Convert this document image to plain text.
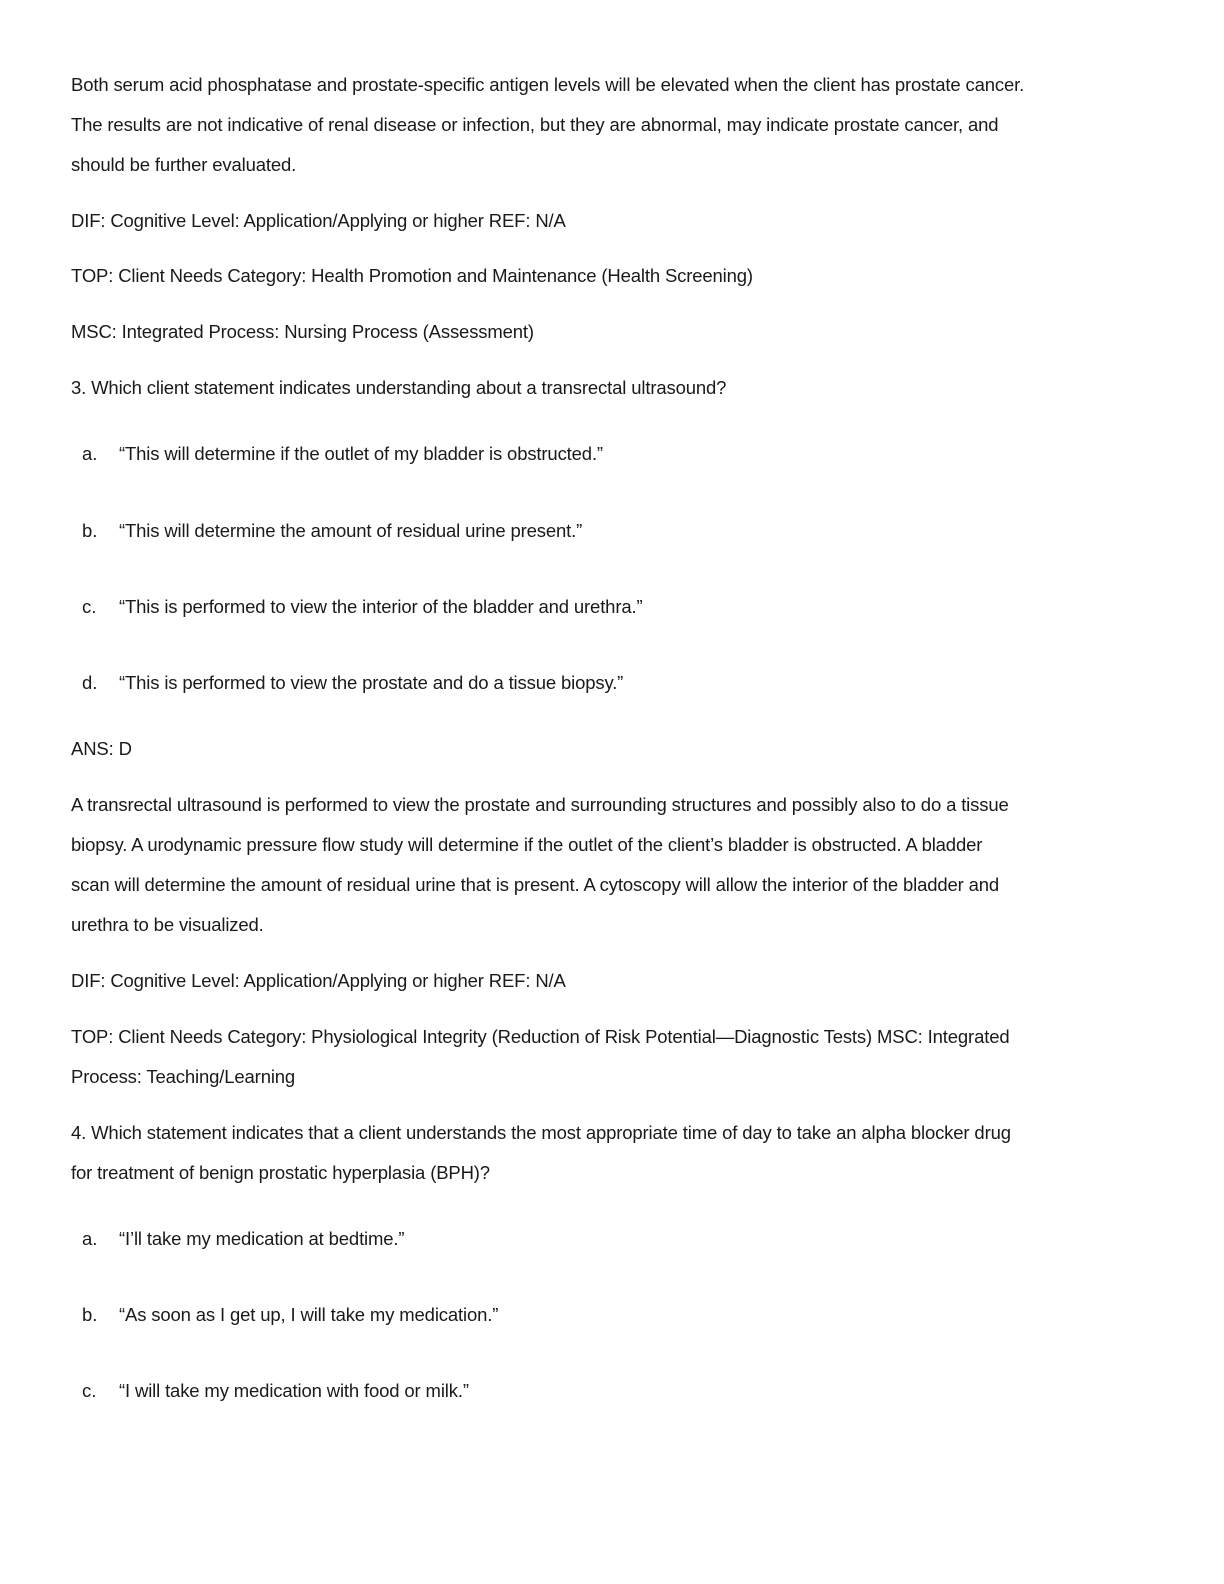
Both serum acid phosphatase and prostate-specific antigen levels will be elevated when the client has prostate cancer.
The results are not indicative of renal disease or infection, but they are abnormal, may indicate prostate cancer, and
should be further evaluated.
DIF: Cognitive Level: Application/Applying or higher REF: N/A
TOP: Client Needs Category: Health Promotion and Maintenance (Health Screening)
MSC: Integrated Process: Nursing Process (Assessment)
3. Which client statement indicates understanding about a transrectal ultrasound?
a. “This will determine if the outlet of my bladder is obstructed.”
b. “This will determine the amount of residual urine present.”
c. “This is performed to view the interior of the bladder and urethra.”
d. “This is performed to view the prostate and do a tissue biopsy.”
ANS: D
A transrectal ultrasound is performed to view the prostate and surrounding structures and possibly also to do a tissue
biopsy. A urodynamic pressure flow study will determine if the outlet of the client’s bladder is obstructed. A bladder
scan will determine the amount of residual urine that is present. A cytoscopy will allow the interior of the bladder and
urethra to be visualized.
DIF: Cognitive Level: Application/Applying or higher REF: N/A
TOP: Client Needs Category: Physiological Integrity (Reduction of Risk Potential—Diagnostic Tests) MSC: Integrated
Process: Teaching/Learning
4. Which statement indicates that a client understands the most appropriate time of day to take an alpha blocker drug
for treatment of benign prostatic hyperplasia (BPH)?
a. “I’ll take my medication at bedtime.”
b. “As soon as I get up, I will take my medication.”
c. “I will take my medication with food or milk.”
